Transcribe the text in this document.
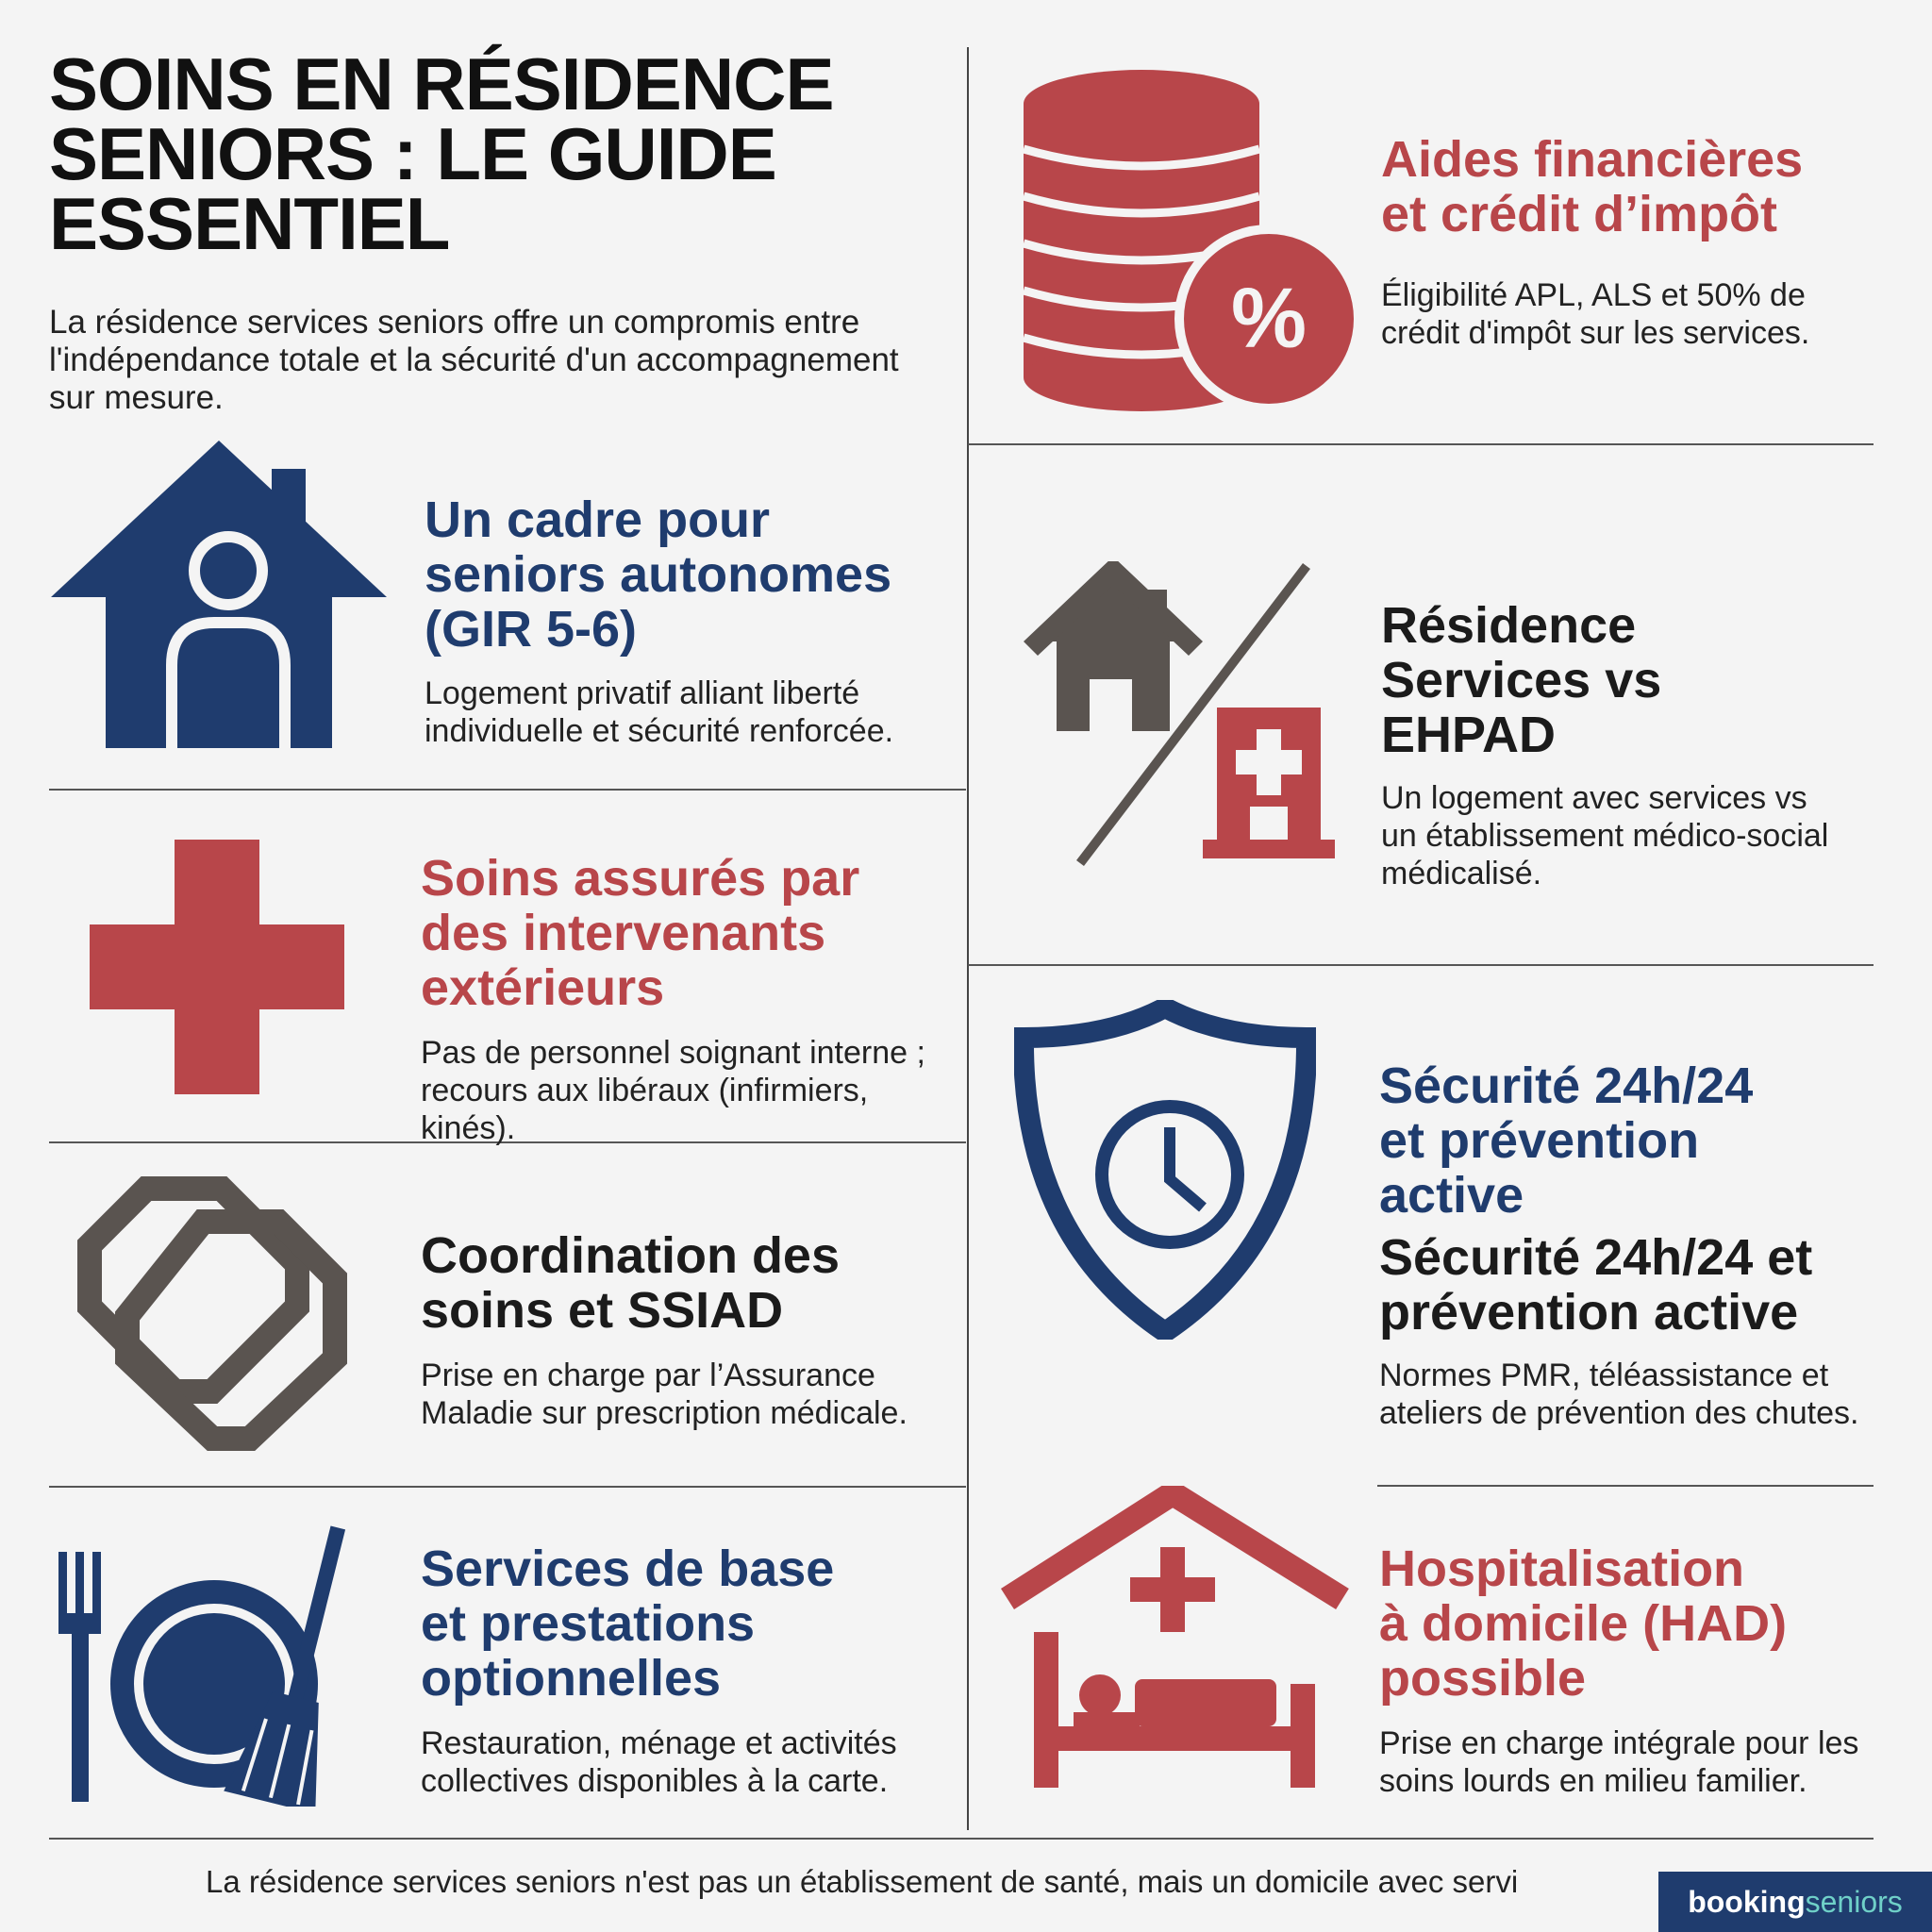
SOINS EN RÉSIDENCE
SENIORS : LE GUIDE
ESSENTIEL
La résidence services seniors offre un compromis entre
l'indépendance totale et la sécurité d'un accompagnement
sur mesure.
Un cadre pour
seniors autonomes
(GIR 5-6)
Logement privatif alliant liberté
individuelle et sécurité renforcée.
Soins assurés par
des intervenants
extérieurs
Pas de personnel soignant interne ;
recours aux libéraux (infirmiers, kinés).
Coordination des
soins et SSIAD
Prise en charge par l’Assurance
Maladie sur prescription médicale.
Services de base
et prestations
optionnelles
Restauration, ménage et activités
collectives disponibles à la carte.
%
Aides financières
et crédit d’impôt
Éligibilité APL, ALS et 50% de
crédit d'impôt sur les services.
Résidence
Services vs
EHPAD
Un logement avec services vs
un établissement médico-social
médicalisé.
Sécurité 24h/24
et prévention
active
Sécurité 24h/24 et
prévention active
Normes PMR, téléassistance et
ateliers de prévention des chutes.
Hospitalisation
à domicile (HAD)
possible
Prise en charge intégrale pour les
soins lourds en milieu familier.
La résidence services seniors n'est pas un établissement de santé, mais un domicile avec servi
booking seniors
